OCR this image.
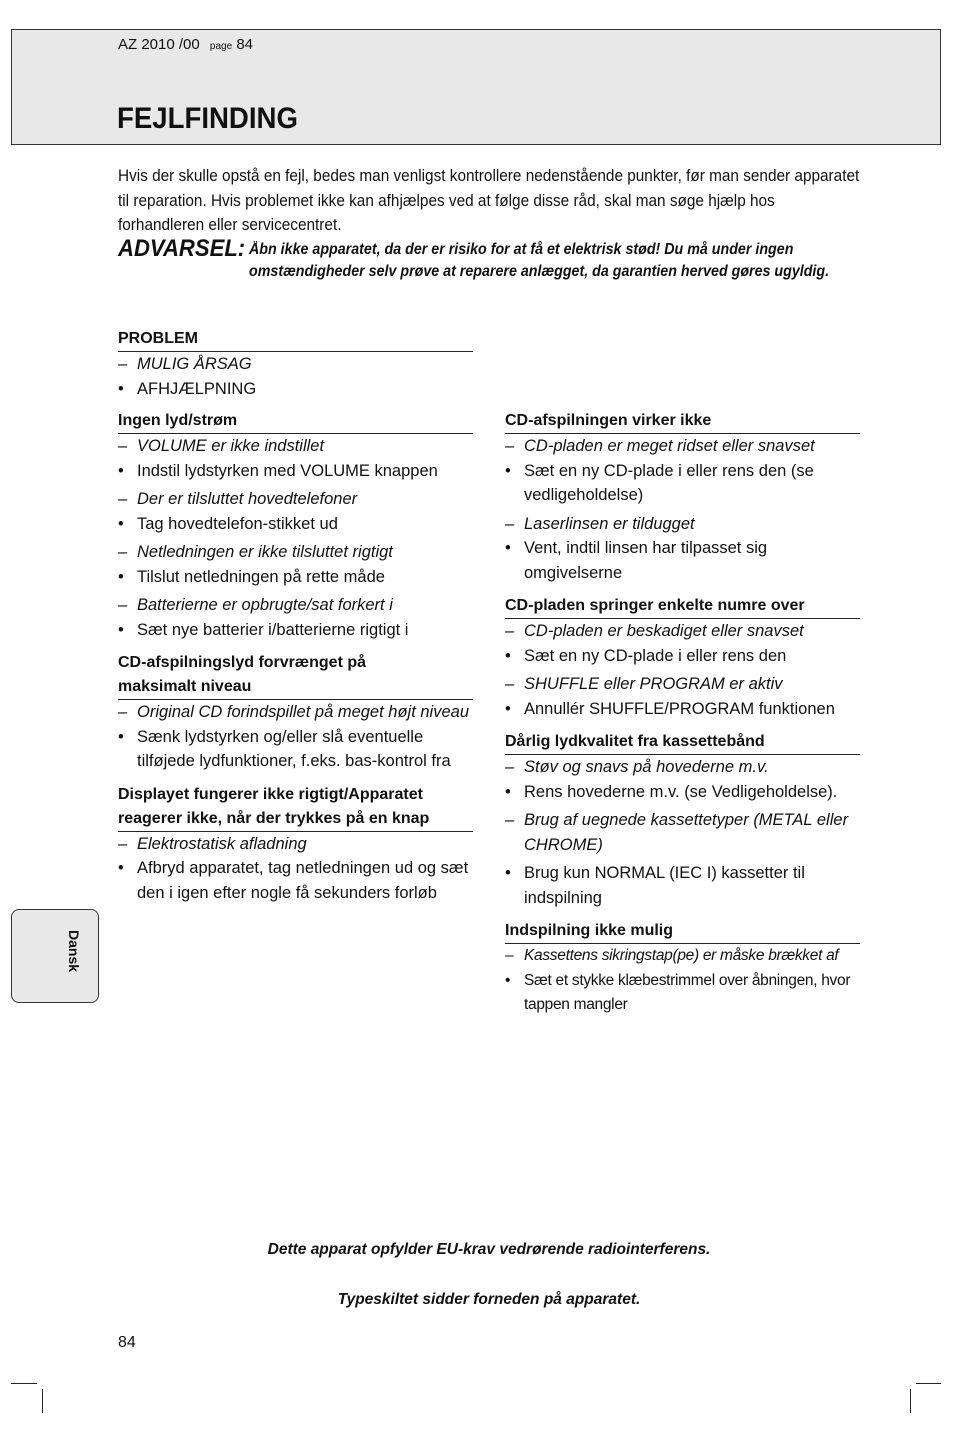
AZ 2010 /00 page 84
FEJLFINDING
Hvis der skulle opstå en fejl, bedes man venligst kontrollere nedenstående punkter, før man sender apparatet til reparation. Hvis problemet ikke kan afhjælpes ved at følge disse råd, skal man søge hjælp hos forhandleren eller servicecentret.
ADVARSEL: Åbn ikke apparatet, da der er risiko for at få et elektrisk stød! Du må under ingen omstændigheder selv prøve at reparere anlægget, da garantien herved gøres ugyldig.
PROBLEM
– MULIG ÅRSAG
• AFHJÆLPNING
Ingen lyd/strøm
– VOLUME er ikke indstillet
• Indstil lydstyrken med VOLUME knappen
– Der er tilsluttet hovedtelefoner
• Tag hovedtelefon-stikket ud
– Netledningen er ikke tilsluttet rigtigt
• Tilslut netledningen på rette måde
– Batterierne er opbrugte/sat forkert i
• Sæt nye batterier i/batterierne rigtigt i
CD-afspilningslyd forvrænget på
maksimalt niveau
– Original CD forindspillet på meget højt niveau
• Sænk lydstyrken og/eller slå eventuelle tilføjede lydfunktioner, f.eks. bas-kontrol fra
Displayet fungerer ikke rigtigt/Apparatet
reagerer ikke, når der trykkes på en knap
– Elektrostatisk afladning
• Afbryd apparatet, tag netledningen ud og sæt den i igen efter nogle få sekunders forløb
CD-afspilningen virker ikke
– CD-pladen er meget ridset eller snavset
• Sæt en ny CD-plade i eller rens den (se vedligeholdelse)
– Laserlinsen er tildugget
• Vent, indtil linsen har tilpasset sig omgivelserne
CD-pladen springer enkelte numre over
– CD-pladen er beskadiget eller snavset
• Sæt en ny CD-plade i eller rens den
– SHUFFLE eller PROGRAM er aktiv
• Annullér SHUFFLE/PROGRAM funktionen
Dårlig lydkvalitet fra kassettebånd
– Støv og snavs på hovederne m.v.
• Rens hovederne m.v. (se Vedligeholdelse).
– Brug af uegnede kassettetyper (METAL eller CHROME)
• Brug kun NORMAL (IEC I) kassetter til indspilning
Indspilning ikke mulig
– Kassettens sikringstap(pe) er måske brækket af
• Sæt et stykke klæbestrimmel over åbningen, hvor tappen mangler
Dansk
Dette apparat opfylder EU-krav vedrørende radiointerferens.
Typeskiltet sidder forneden på apparatet.
84
